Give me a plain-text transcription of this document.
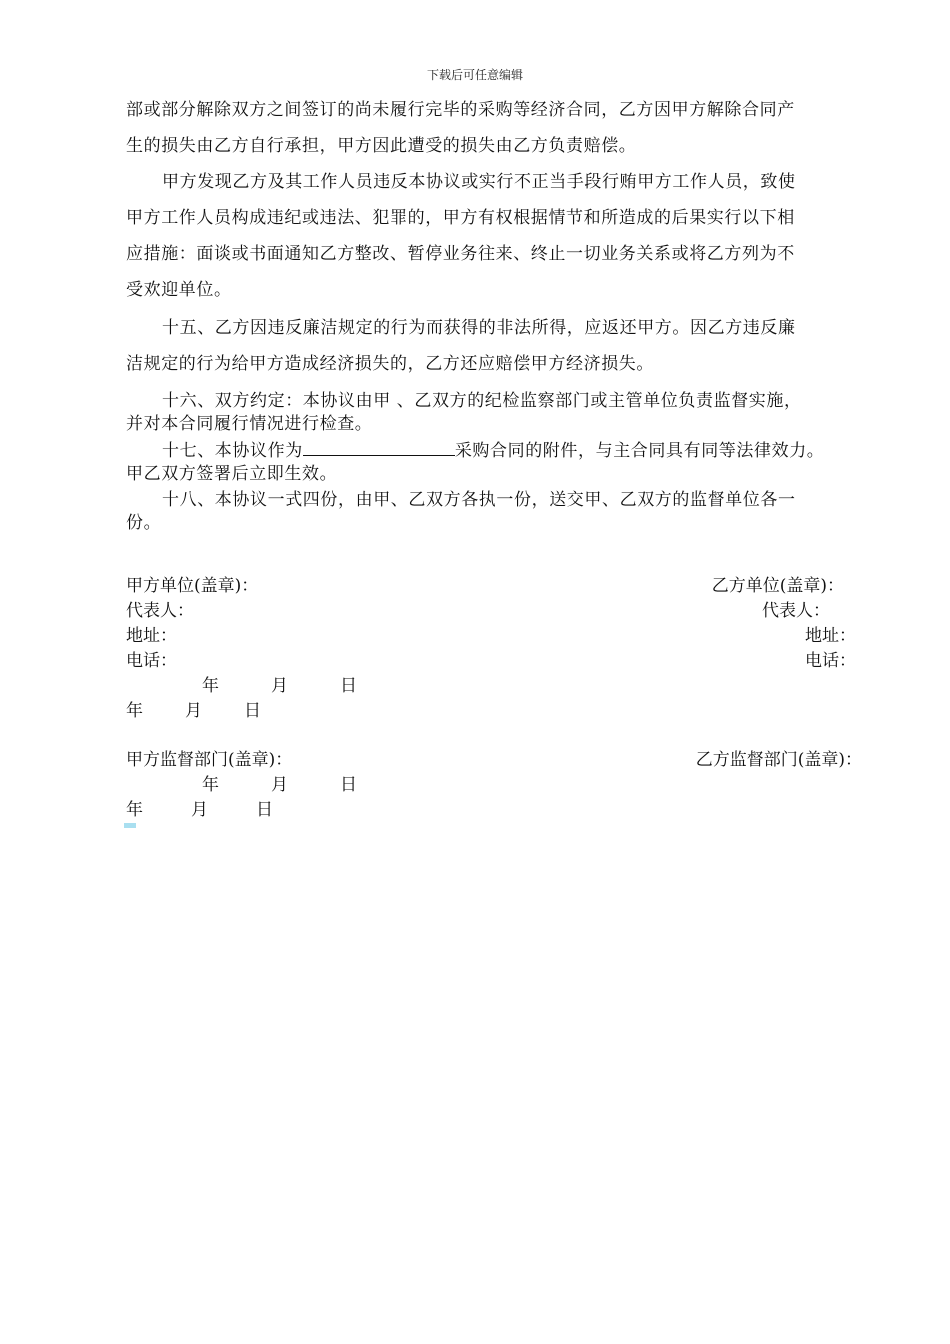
下载后可任意编辑
部或部分解除双方之间签订的尚未履行完毕的采购等经济合同，乙方因甲方解除合同产
生的损失由乙方自行承担，甲方因此遭受的损失由乙方负责赔偿。
甲方发现乙方及其工作人员违反本协议或实行不正当手段行贿甲方工作人员，致使
甲方工作人员构成违纪或违法、犯罪的，甲方有权根据情节和所造成的后果实行以下相
应措施：面谈或书面通知乙方整改、暂停业务往来、终止一切业务关系或将乙方列为不
受欢迎单位。
十五、乙方因违反廉洁规定的行为而获得的非法所得，应返还甲方。因乙方违反廉
洁规定的行为给甲方造成经济损失的，乙方还应赔偿甲方经济损失。
十六、双方约定：本协议由甲 、乙双方的纪检监察部门或主管单位负责监督实施，
并对本合同履行情况进行检查。
十七、本协议作为	采购合同的附件，与主合同具有同等法律效力。
甲乙双方签署后立即生效。
十八、本协议一式四份，由甲、乙双方各执一份，送交甲、乙双方的监督单位各一
份。
甲方单位(盖章)：	乙方单位(盖章)：
代表人：	代表人：
地址：	地址：
电话：	电话：
年	月	日
年 月 日
甲方监督部门(盖章)：	乙方监督部门(盖章)：
年	月	日
年	月	日
